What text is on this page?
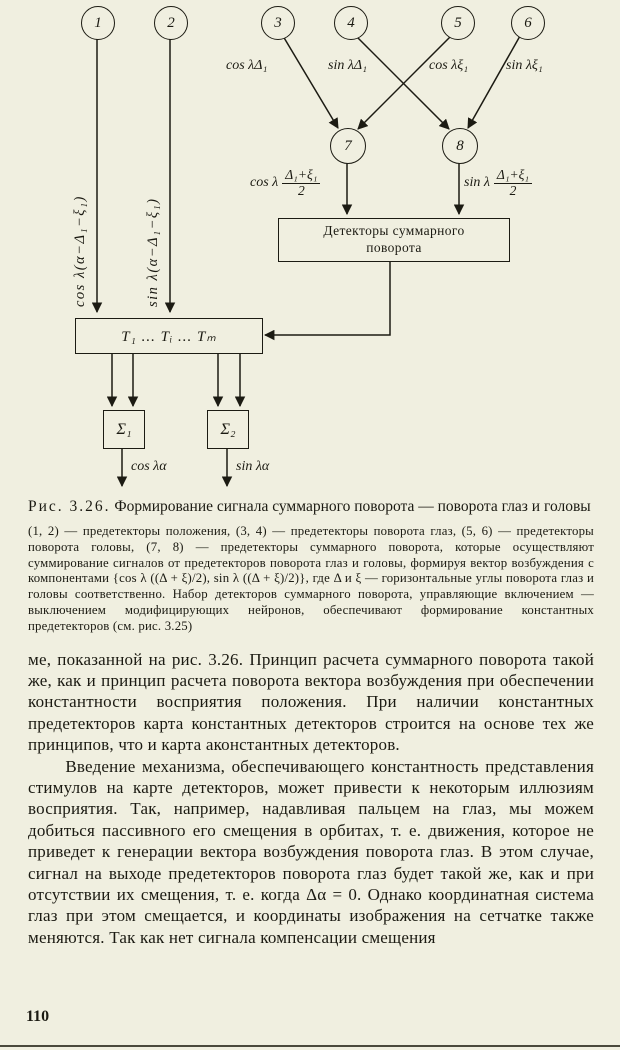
1	2	3	4	5	6
7	8
cos λ(α−Δ₁−ξ₁)	sin λ(α−Δ₁−ξ₁)
cos λΔ₁	sin λΔ₁	cos λξ₁	sin λξ₁
cos λ $\frac{\text{Δ₁+ξ₁}}{2}$	sin λ $\frac{\text{Δ₁+ξ₁}}{2}$
Детекторы суммарного
поворота
T₁ ... Tᵢ ... Tₘ
Σ₁	Σ₂
cos λα	sin λα

Рис. 3.26. Формирование сигнала суммарного поворота — поворота глаз и головы

(1, 2) — предетекторы положения, (3, 4) — предетекторы поворота глаз, (5, 6) — предетекторы поворота головы, (7, 8) — предетекторы суммарного поворота, которые осуществляют суммирование сигналов от предетекторов поворота глаз и головы, формируя вектор возбуждения с компонентами {cos λ ((Δ + ξ)/2), sin λ ((Δ + ξ)/2)}, где Δ и ξ — горизонтальные углы поворота глаз и головы соответственно. Набор детекторов суммарного поворота, управляющие включением — выключением модифицирующих нейронов, обеспечивают формирование константных предетекторов (см. рис. 3.25)

ме, показанной на рис. 3.26. Принцип расчета суммарного поворота такой же, как и принцип расчета поворота вектора возбуждения при обеспечении константности восприятия положения. При наличии константных предетекторов карта константных детекторов строится на основе тех же принципов, что и карта аконстантных детекторов.

Введение механизма, обеспечивающего константность представления стимулов на карте детекторов, может привести к некоторым иллюзиям восприятия. Так, например, надавливая пальцем на глаз, мы можем добиться пассивного его смещения в орбитах, т. е. движения, которое не приведет к генерации вектора возбуждения поворота глаз. В этом случае, сигнал на выходе предетекторов поворота глаз будет такой же, как и при отсутствии их смещения, т. е. когда Δα = 0. Однако координатная система глаз при этом смещается, и координаты изображения на сетчатке также меняются. Так как нет сигнала компенсации смещения

110
